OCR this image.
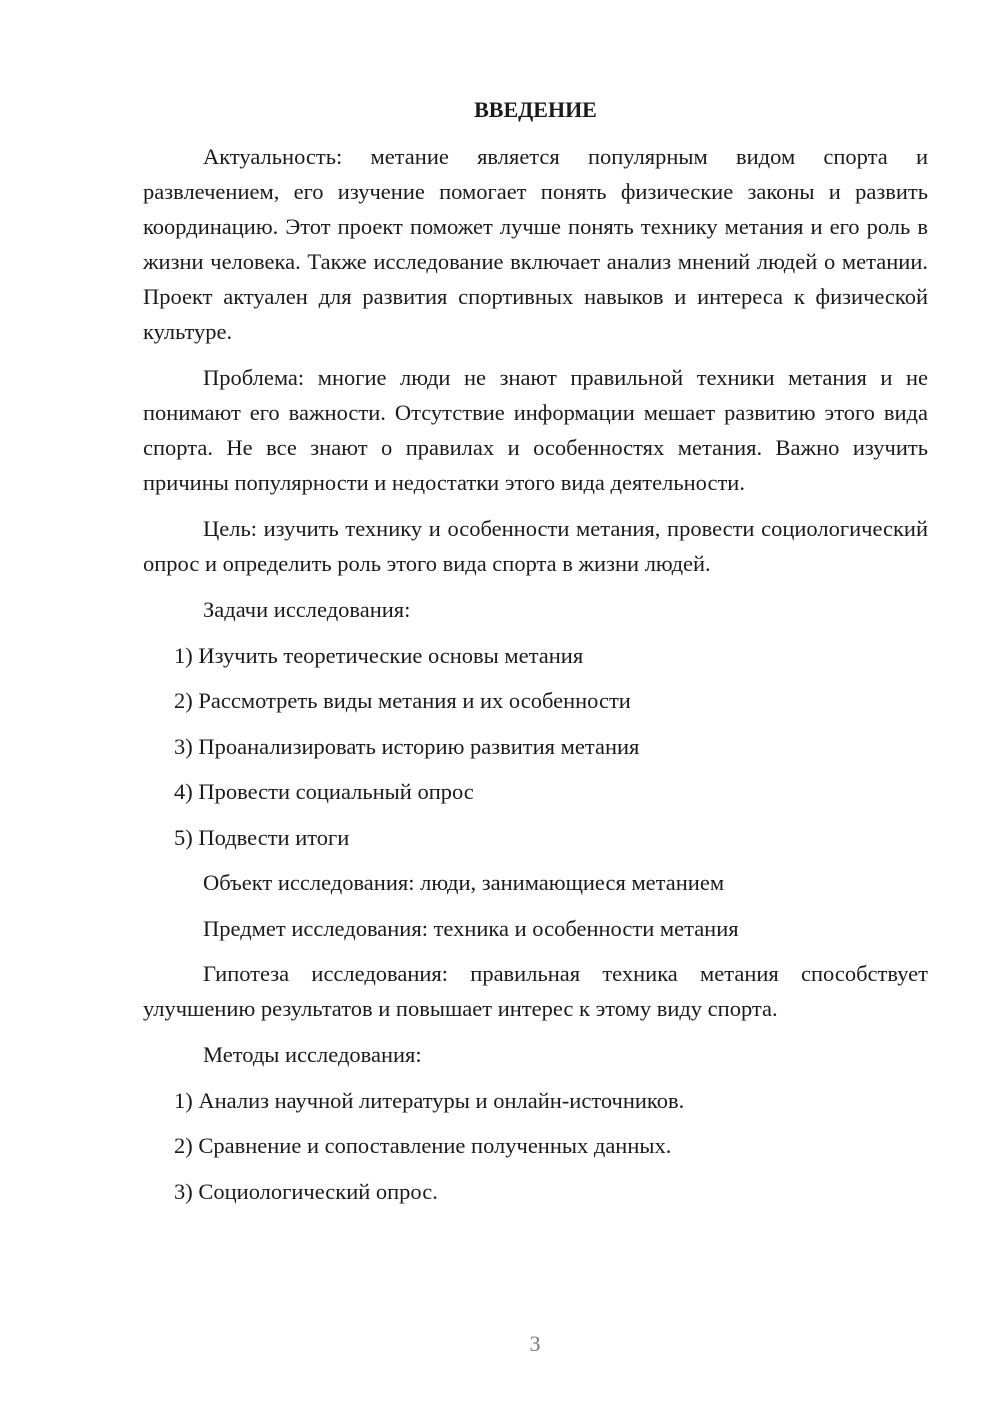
ВВЕДЕНИЕ

Актуальность: метание является популярным видом спорта и развлечением, его изучение помогает понять физические законы и развить координацию. Этот проект поможет лучше понять технику метания и его роль в жизни человека. Также исследование включает анализ мнений людей о метании. Проект актуален для развития спортивных навыков и интереса к физической культуре.

Проблема: многие люди не знают правильной техники метания и не понимают его важности. Отсутствие информации мешает развитию этого вида спорта. Не все знают о правилах и особенностях метания. Важно изучить причины популярности и недостатки этого вида деятельности.

Цель: изучить технику и особенности метания, провести социологический опрос и определить роль этого вида спорта в жизни людей.

Задачи исследования:
1) Изучить теоретические основы метания
2) Рассмотреть виды метания и их особенности
3) Проанализировать историю развития метания
4) Провести социальный опрос
5) Подвести итоги
Объект исследования: люди, занимающиеся метанием
Предмет исследования: техника и особенности метания

Гипотеза исследования: правильная техника метания способствует улучшению результатов и повышает интерес к этому виду спорта.

Методы исследования:
1) Анализ научной литературы и онлайн-источников.
2) Сравнение и сопоставление полученных данных.
3) Социологический опрос.
3
